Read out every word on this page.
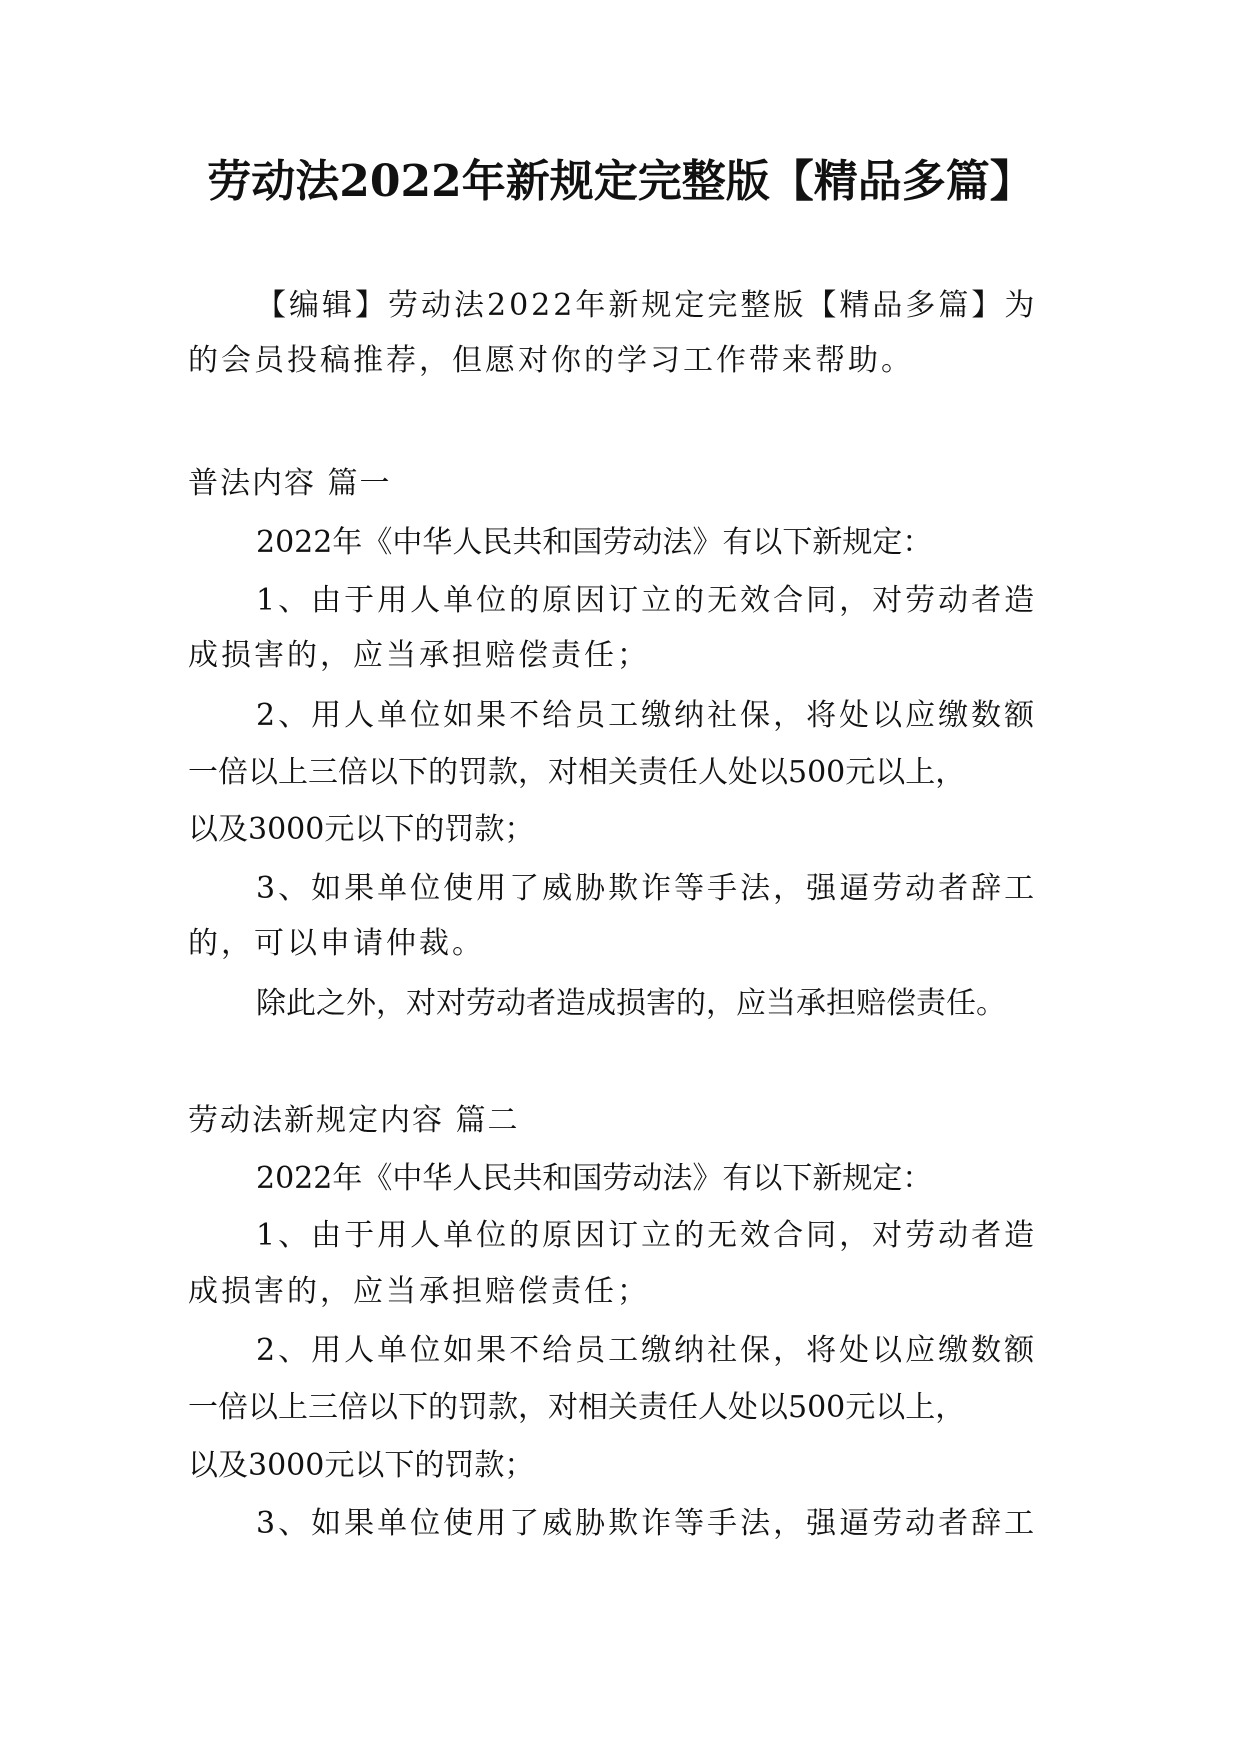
劳动法2022年新规定完整版【精品多篇】
【编辑】劳动法2022年新规定完整版【精品多篇】为
的会员投稿推荐，但愿对你的学习工作带来帮助。
普法内容 篇一
2022年《中华人民共和国劳动法》有以下新规定：
1、由于用人单位的原因订立的无效合同，对劳动者造
成损害的，应当承担赔偿责任；
2、用人单位如果不给员工缴纳社保，将处以应缴数额
一倍以上三倍以下的罚款，对相关责任人处以500元以上，
以及3000元以下的罚款；
3、如果单位使用了威胁欺诈等手法，强逼劳动者辞工
的，可以申请仲裁。
除此之外，对对劳动者造成损害的，应当承担赔偿责任。
劳动法新规定内容 篇二
2022年《中华人民共和国劳动法》有以下新规定：
1、由于用人单位的原因订立的无效合同，对劳动者造
成损害的，应当承担赔偿责任；
2、用人单位如果不给员工缴纳社保，将处以应缴数额
一倍以上三倍以下的罚款，对相关责任人处以500元以上，
以及3000元以下的罚款；
3、如果单位使用了威胁欺诈等手法，强逼劳动者辞工
